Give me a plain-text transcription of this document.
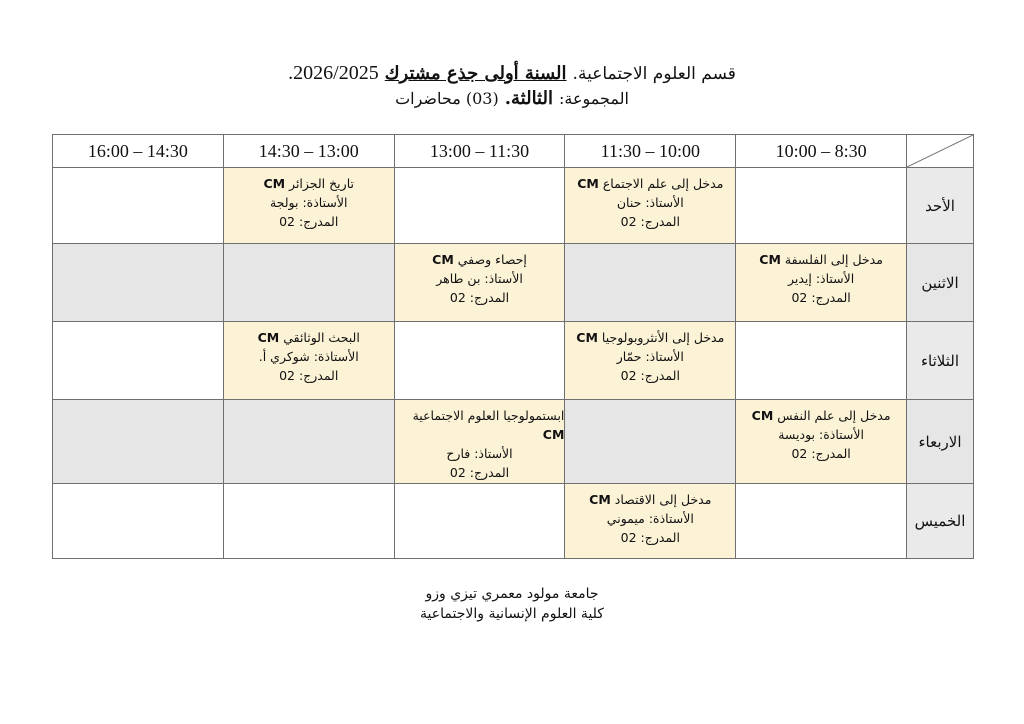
قسم العلوم الاجتماعية.
السنة أولى جذع مشترك
.2026/2025
المجموعة:
الثالثة.
(03) محاضرات
	8:30 – 10:00	10:00 – 11:30	11:30 – 13:00	13:00 – 14:30	14:30 – 16:00
الأحد		مدخل إلى علم الاجتماع CM
الأستاذ: حنان
المدرج: 02		تاريخ الجزائر CM
الأستاذة: بولجة
المدرج: 02	

الاثنين	مدخل إلى الفلسفة CM
الأستاذ: إيدير
المدرج: 02		إحصاء وصفي CM
الأستاذ: بن طاهر
المدرج: 02		

الثلاثاء		مدخل إلى الأنثروبولوجيا CM
الأستاذ: حمّار
المدرج: 02		البحث الوثائقي CM
الأستاذة: شوكري أ.
المدرج: 02	

الاربعاء	مدخل إلى علم النفس CM
الأستاذة: بوديسة
المدرج: 02		ابستمولوجيا العلوم الاجتماعية CM
الأستاذ: فارح
المدرج: 02		

الخميس		مدخل إلى الاقتصاد CM
الأستاذة: ميموني
المدرج: 02			

جامعة مولود معمري تيزي وزو
كلية العلوم الإنسانية والاجتماعية
